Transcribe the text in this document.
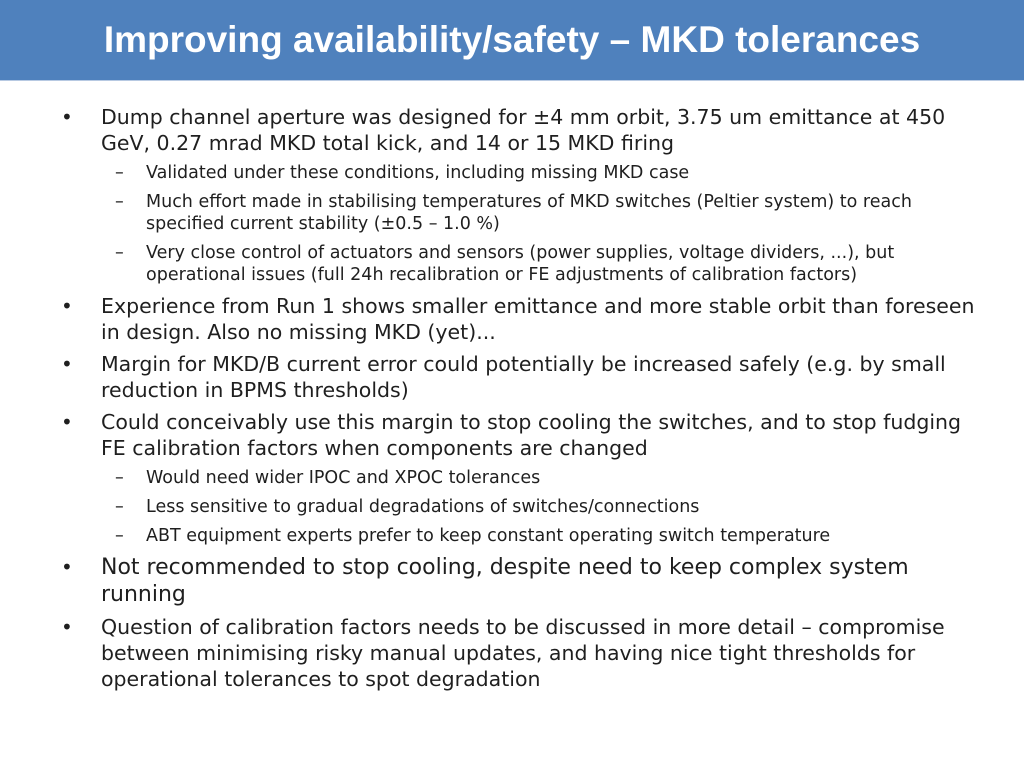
Improving availability/safety – MKD tolerances
• Dump channel aperture was designed for ±4 mm orbit, 3.75 um emittance at 450 GeV, 0.27 mrad MKD total kick, and 14 or 15 MKD firing
– Validated under these conditions, including missing MKD case
– Much effort made in stabilising temperatures of MKD switches (Peltier system) to reach specified current stability (±0.5 – 1.0 %)
– Very close control of actuators and sensors (power supplies, voltage dividers, ...), but operational issues (full 24h recalibration or FE adjustments of calibration factors)
• Experience from Run 1 shows smaller emittance and more stable orbit than foreseen in design. Also no missing MKD (yet)...
• Margin for MKD/B current error could potentially be increased safely (e.g. by small reduction in BPMS thresholds)
• Could conceivably use this margin to stop cooling the switches, and to stop fudging FE calibration factors when components are changed
– Would need wider IPOC and XPOC tolerances
– Less sensitive to gradual degradations of switches/connections
– ABT equipment experts prefer to keep constant operating switch temperature
• Not recommended to stop cooling, despite need to keep complex system running
• Question of calibration factors needs to be discussed in more detail – compromise between minimising risky manual updates, and having nice tight thresholds for operational tolerances to spot degradation
